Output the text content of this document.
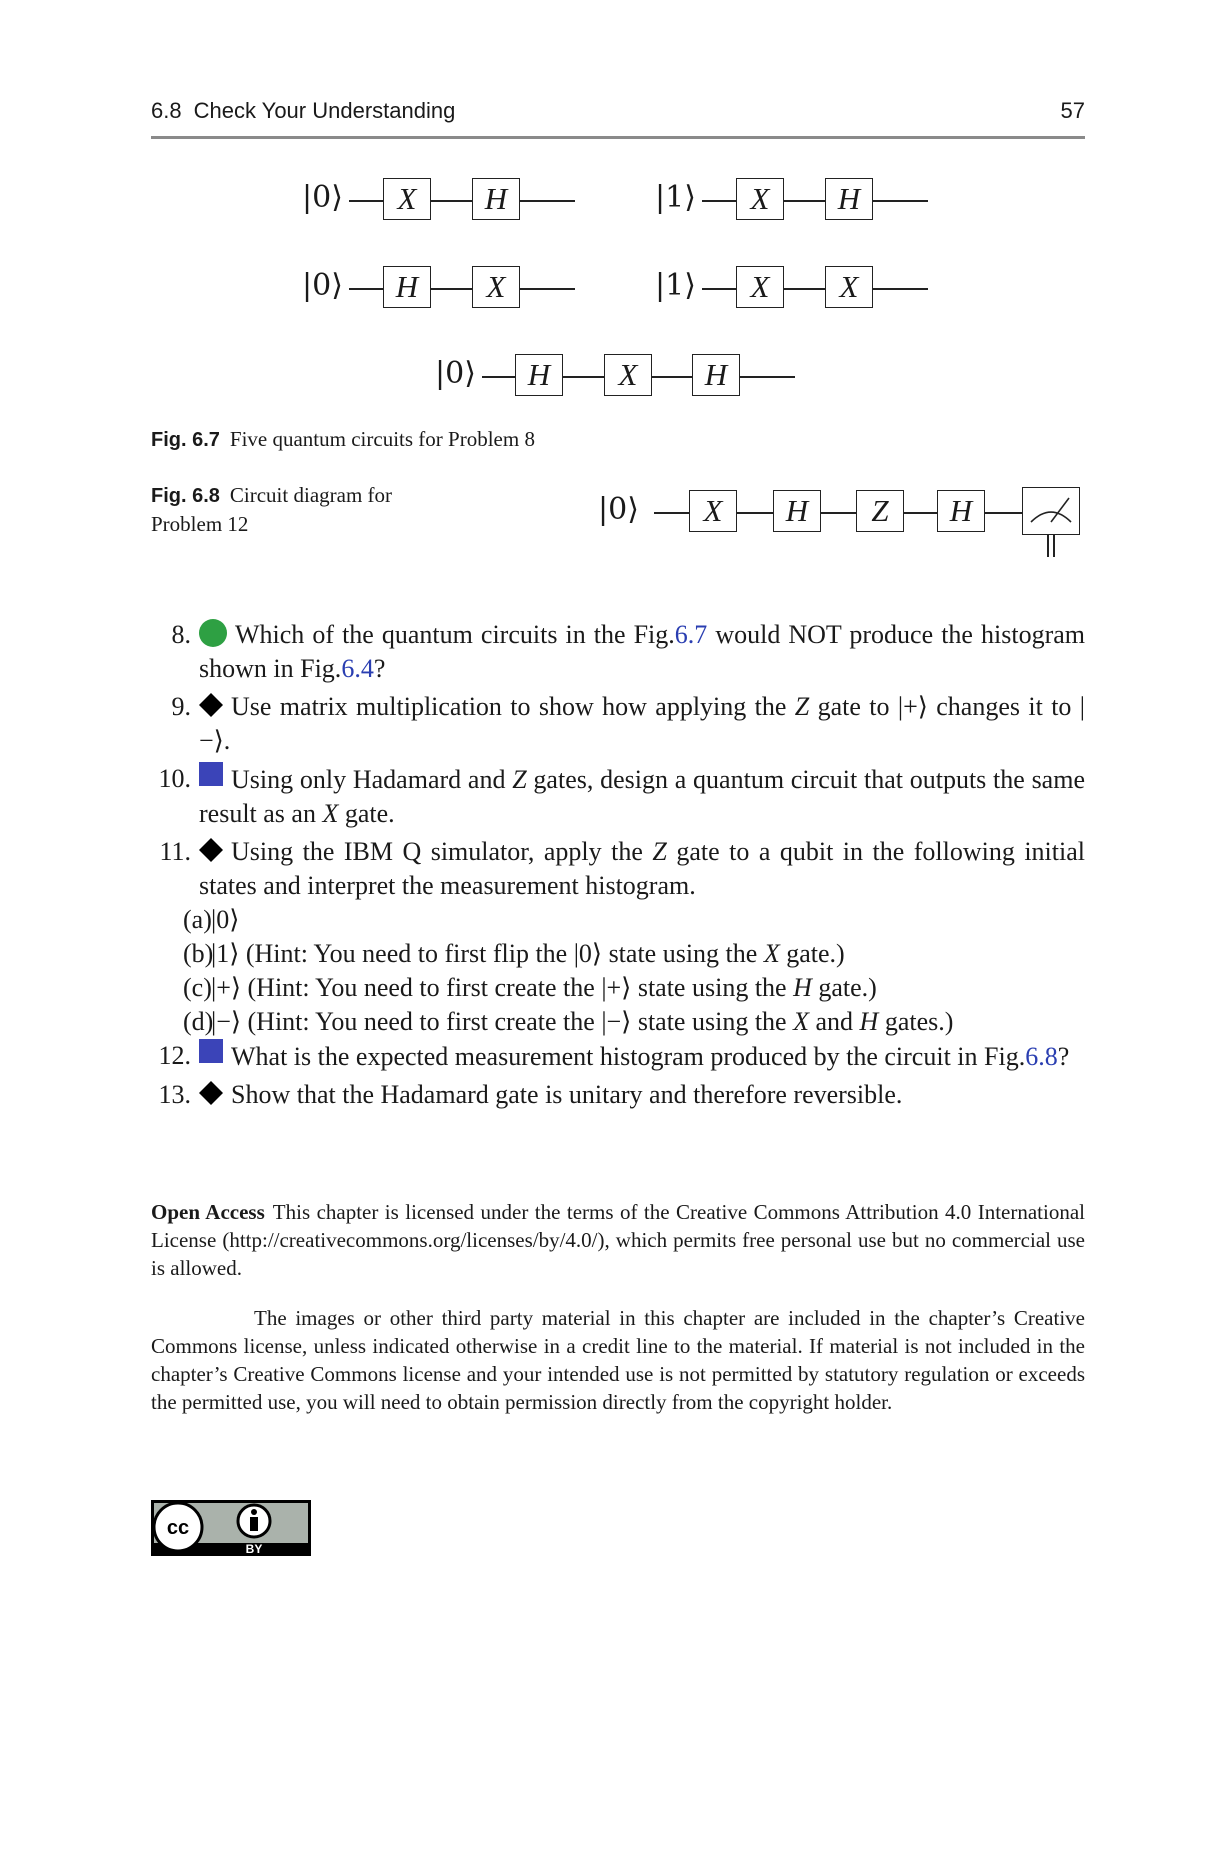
6.8 Check Your Understanding	57
|0⟩	X	H	|1⟩	X	H
|0⟩	H	X	|1⟩	X	X
|0⟩	H	X	H
Fig. 6.7 Five quantum circuits for Problem 8
Fig. 6.8 Circuit diagram for
Problem 12	|0⟩	X	H	Z	H
8. Which of the quantum circuits in the Fig.6.7 would NOT produce the histogram shown in Fig.6.4?
9. Use matrix multiplication to show how applying the Z gate to |+⟩ changes it to |−⟩.
10. Using only Hadamard and Z gates, design a quantum circuit that outputs the same result as an X gate.
11. Using the IBM Q simulator, apply the Z gate to a qubit in the following initial states and interpret the measurement histogram.
(a) |0⟩
(b)
|1⟩ (Hint: You need to first flip the |0⟩ state using the X gate.)
(c) |+⟩ (Hint: You need to first create the |+⟩ state using the H gate.)
(d)
|−⟩ (Hint: You need to first create the |−⟩ state using the X and H gates.)
12. What is the expected measurement histogram produced by the circuit in Fig.6.8?
13. Show that the Hadamard gate is unitary and therefore reversible.

Open Access This chapter is licensed under the terms of the Creative Commons Attribution 4.0 International License (http://creativecommons.org/licenses/by/4.0/), which permits free personal use but no commercial use is allowed.

The images or other third party material in this chapter are included in the chapter’s Creative Commons license, unless indicated otherwise in a credit line to the material. If material is not included in the chapter’s Creative Commons license and your intended use is not permitted by statutory regulation or exceeds the permitted use, you will need to obtain permission directly from the copyright holder.

cc
BY
